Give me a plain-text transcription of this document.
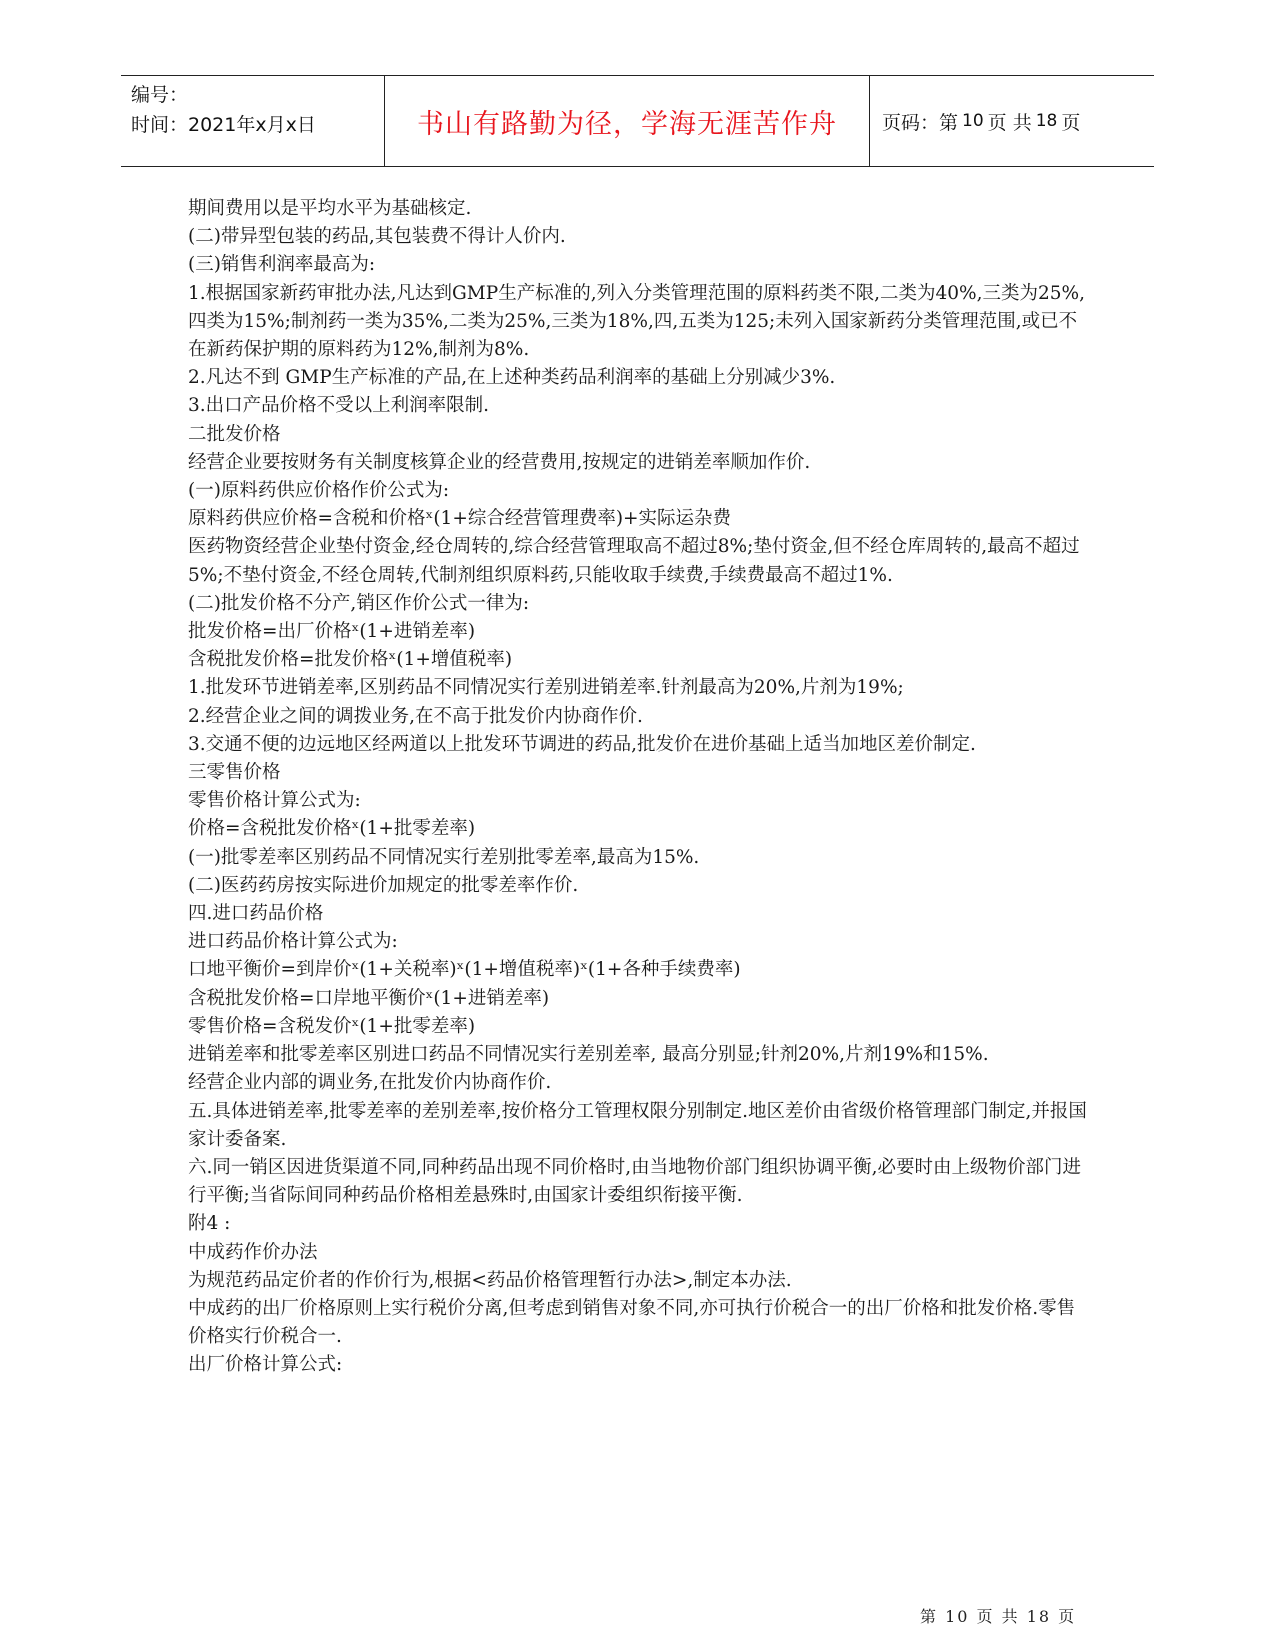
编号：
时间：2021年x月x日	书山有路勤为径，学海无涯苦作舟	页码：第 10 页 共 18 页

期间费用以是平均水平为基础核定.

(二)带异型包装的药品,其包装费不得计人价内.

(三)销售利润率最高为:

1.根据国家新药审批办法,凡达到GMP生产标准的,列入分类管理范围的原料药类不限,二类为40%,三类为25%,四类为15%;制剂药一类为35%,二类为25%,三类为18%,四,五类为125;未列入国家新药分类管理范围,或已不在新药保护期的原料药为12%,制剂为8%.

2.凡达不到 GMP生产标准的产品,在上述种类药品利润率的基础上分别减少3%.

3.出口产品价格不受以上利润率限制.

二批发价格

经营企业要按财务有关制度核算企业的经营费用,按规定的进销差率顺加作价.

(一)原料药供应价格作价公式为:

原料药供应价格=含税和价格ˣ(1+综合经营管理费率)+实际运杂费

医药物资经营企业垫付资金,经仓周转的,综合经营管理取高不超过8%;垫付资金,但不经仓库周转的,最高不超过5%;不垫付资金,不经仓周转,代制剂组织原料药,只能收取手续费,手续费最高不超过1%.

(二)批发价格不分产,销区作价公式一律为:

批发价格=出厂价格ˣ(1+进销差率)

含税批发价格=批发价格ˣ(1+增值税率)

1.批发环节进销差率,区别药品不同情况实行差别进销差率.针剂最高为20%,片剂为19%;

2.经营企业之间的调拨业务,在不高于批发价内协商作价.

3.交通不便的边远地区经两道以上批发环节调进的药品,批发价在进价基础上适当加地区差价制定.

三零售价格

零售价格计算公式为:

价格=含税批发价格ˣ(1+批零差率)

(一)批零差率区别药品不同情况实行差别批零差率,最高为15%.

(二)医药药房按实际进价加规定的批零差率作价.

四.进口药品价格

进口药品价格计算公式为:

口地平衡价=到岸价ˣ(1+关税率)ˣ(1+增值税率)ˣ(1+各种手续费率)

含税批发价格=口岸地平衡价ˣ(1+进销差率)

零售价格=含税发价ˣ(1+批零差率)

进销差率和批零差率区别进口药品不同情况实行差别差率, 最高分别显;针剂20%,片剂19%和15%.

经营企业内部的调业务,在批发价内协商作价.

五.具体进销差率,批零差率的差别差率,按价格分工管理权限分别制定.地区差价由省级价格管理部门制定,并报国家计委备案.

六.同一销区因进货渠道不同,同种药品出现不同价格时,由当地物价部门组织协调平衡,必要时由上级物价部门进行平衡;当省际间同种药品价格相差悬殊时,由国家计委组织衔接平衡.

附4 :

中成药作价办法

为规范药品定价者的作价行为,根据<药品价格管理暂行办法>,制定本办法.

中成药的出厂价格原则上实行税价分离,但考虑到销售对象不同,亦可执行价税合一的出厂价格和批发价格.零售价格实行价税合一.

出厂价格计算公式:

第 10 页 共 18 页
